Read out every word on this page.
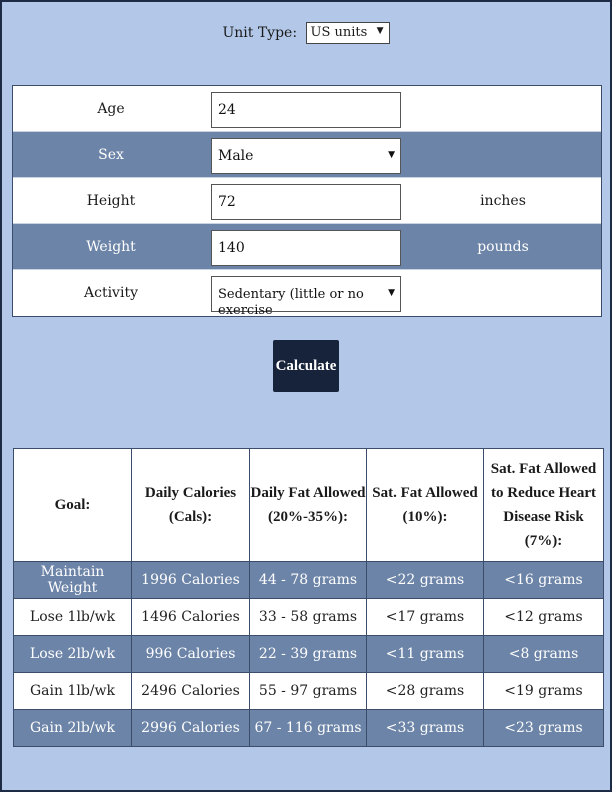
Unit Type: US units ▼
Age	24
Sex	Male	▼
Height	72	inches
Weight	140	pounds
Activity	Sedentary (little or no exercise
▼
Calculate
Goal:	Daily Calories (Cals):	Daily Fat Allowed (20%-35%):	Sat. Fat Allowed (10%):	Sat. Fat Allowed to Reduce Heart Disease Risk (7%):
Maintain Weight	1996 Calories	44 - 78 grams	<22 grams	<16 grams
Lose 1lb/wk	1496 Calories	33 - 58 grams	<17 grams	<12 grams
Lose 2lb/wk	996 Calories	22 - 39 grams	<11 grams	<8 grams
Gain 1lb/wk	2496 Calories	55 - 97 grams	<28 grams	<19 grams
Gain 2lb/wk	2996 Calories	67 - 116 grams	<33 grams	<23 grams
